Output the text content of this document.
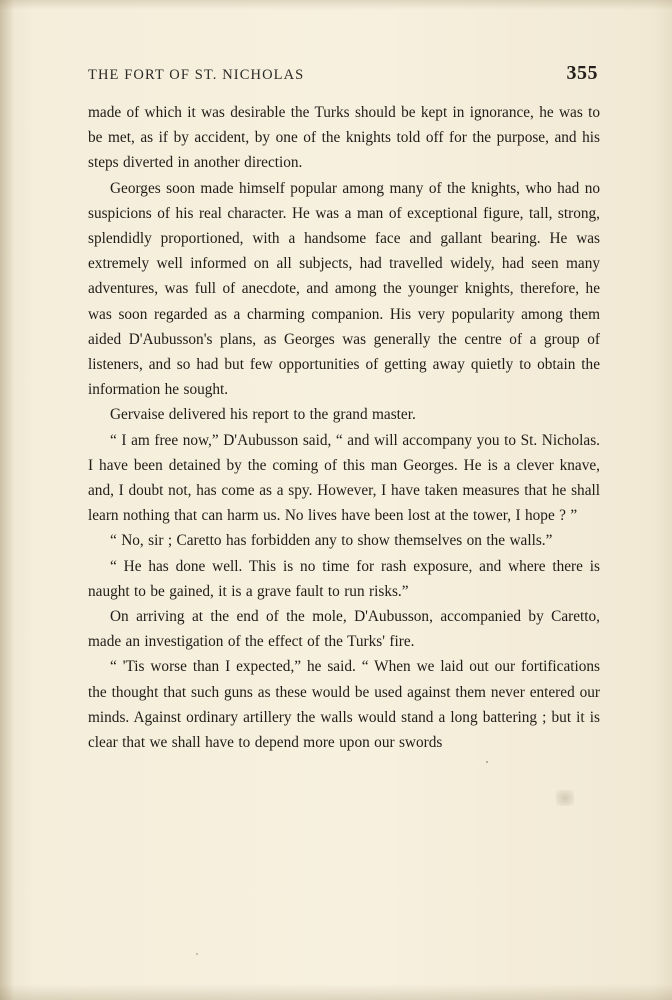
THE FORT OF ST. NICHOLAS	355

made of which it was desirable the Turks should be kept in ignorance, he was to be met, as if by accident, by one of the knights told off for the purpose, and his steps diverted in another direction.

Georges soon made himself popular among many of the knights, who had no suspicions of his real character. He was a man of exceptional figure, tall, strong, splendidly proportioned, with a handsome face and gallant bearing. He was extremely well informed on all subjects, had travelled widely, had seen many adventures, was full of anecdote, and among the younger knights, therefore, he was soon regarded as a charming companion. His very popularity among them aided D'Aubusson's plans, as Georges was generally the centre of a group of listeners, and so had but few opportunities of getting away quietly to obtain the information he sought.

Gervaise delivered his report to the grand master.

“ I am free now,” D'Aubusson said, “ and will accompany you to St. Nicholas. I have been detained by the coming of this man Georges. He is a clever knave, and, I doubt not, has come as a spy. However, I have taken measures that he shall learn nothing that can harm us. No lives have been lost at the tower, I hope ? ”

“ No, sir ; Caretto has forbidden any to show themselves on the walls.”

“ He has done well. This is no time for rash exposure, and where there is naught to be gained, it is a grave fault to run risks.”

On arriving at the end of the mole, D'Aubusson, accompanied by Caretto, made an investigation of the effect of the Turks' fire.

“ 'Tis worse than I expected,” he said. “ When we laid out our fortifications the thought that such guns as these would be used against them never entered our minds. Against ordinary artillery the walls would stand a long battering ; but it is clear that we shall have to depend more upon our swords
